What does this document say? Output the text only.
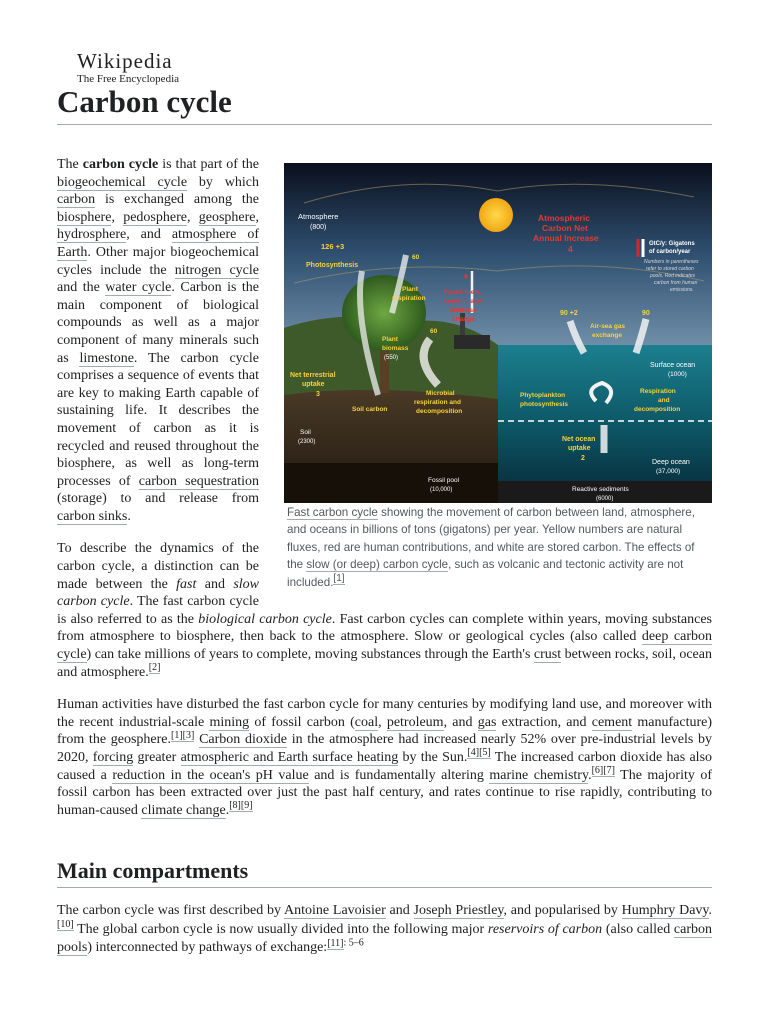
Wikipedia
The Free Encyclopedia
Carbon cycle
Atmosphere
(800)
Atmospheric
Carbon Net
Annual Increase
4	GtC/y: Gigatons
of carbon/year
Numbers in parentheses
refer to stored carbon
pools. Red indicates
carbon from human
emissions.
126 +3
Photosynthesis
60
Plant
respiration
9
Fossil fuels,
cement, and
land-use
change
60
Plant
biomass
(550)
Net terrestrial
uptake
3
Soil carbon
Soil
(2300)
Microbial
respiration and
decomposition
Fossil pool
(10,000)
90 +2	90
Air-sea gas
exchange
Surface ocean
(1000)
Phytoplankton
photosynthesis
Respiration
and
decomposition
Net ocean
uptake
2
Deep ocean
(37,000)
Reactive sediments
(6000)
Fast carbon cycle showing the movement of carbon between land, atmosphere, and oceans in billions of tons (gigatons) per year. Yellow numbers are natural fluxes, red are human contributions, and white are stored carbon. The effects of the slow (or deep) carbon cycle, such as volcanic and tectonic activity are not included.[1]

The carbon cycle is that part of the biogeochemical cycle by which carbon is exchanged among the biosphere, pedosphere, geosphere, hydrosphere, and atmosphere of Earth. Other major biogeochemical cycles include the nitrogen cycle and the water cycle. Carbon is the main component of biological compounds as well as a major component of many minerals such as limestone. The carbon cycle comprises a sequence of events that are key to making Earth capable of sustaining life. It describes the movement of carbon as it is recycled and reused throughout the biosphere, as well as long-term processes of carbon sequestration (storage) to and release from carbon sinks.

To describe the dynamics of the carbon cycle, a distinction can be made between the fast and slow carbon cycle. The fast carbon cycle is also referred to as the biological carbon cycle. Fast carbon cycles can complete within years, moving substances from atmosphere to biosphere, then back to the atmosphere. Slow or geological cycles (also called deep carbon cycle) can take millions of years to complete, moving substances through the Earth's crust between rocks, soil, ocean and atmosphere.[2]

Human activities have disturbed the fast carbon cycle for many centuries by modifying land use, and moreover with the recent industrial-scale mining of fossil carbon (coal, petroleum, and gas extraction, and cement manufacture) from the geosphere.[1][3] Carbon dioxide in the atmosphere had increased nearly 52% over pre-industrial levels by 2020, forcing greater atmospheric and Earth surface heating by the Sun.[4][5] The increased carbon dioxide has also caused a reduction in the ocean's pH value and is fundamentally altering marine chemistry.[6][7] The majority of fossil carbon has been extracted over just the past half century, and rates continue to rise rapidly, contributing to human-caused climate change.[8][9]

Main compartments

The carbon cycle was first described by Antoine Lavoisier and Joseph Priestley, and popularised by Humphry Davy.[10] The global carbon cycle is now usually divided into the following major reservoirs of carbon (also called carbon pools) interconnected by pathways of exchange:$^{[11]: 5-6}$
